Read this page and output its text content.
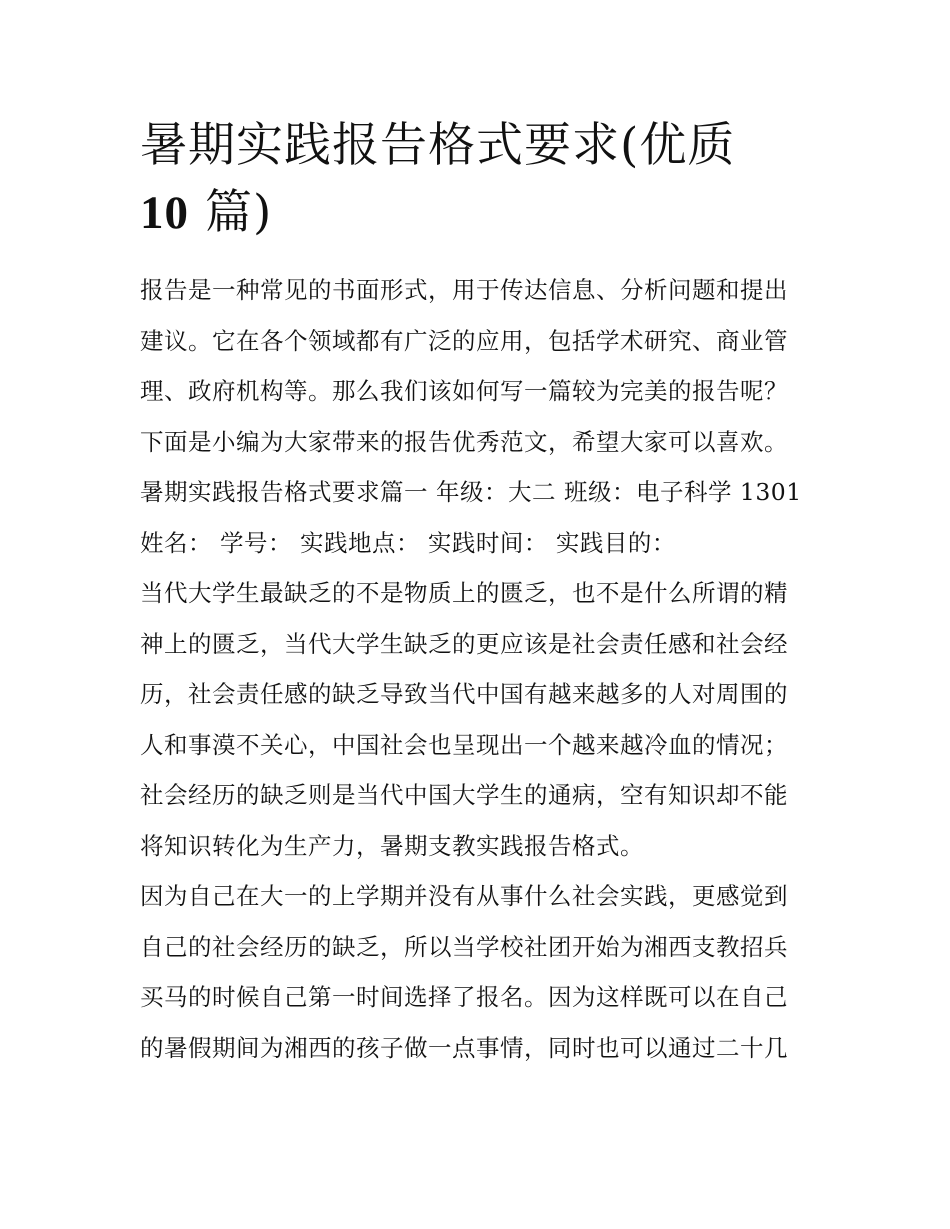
暑期实践报告格式要求(优质
10 篇)

报告是一种常见的书面形式，用于传达信息、分析问题和提出
建议。它在各个领域都有广泛的应用，包括学术研究、商业管
理、政府机构等。那么我们该如何写一篇较为完美的报告呢？
下面是小编为大家带来的报告优秀范文，希望大家可以喜欢。

暑期实践报告格式要求篇一 年级：大二 班级：电子科学 1301
姓名： 学号： 实践地点： 实践时间： 实践目的：

当代大学生最缺乏的不是物质上的匮乏，也不是什么所谓的精
神上的匮乏，当代大学生缺乏的更应该是社会责任感和社会经
历，社会责任感的缺乏导致当代中国有越来越多的人对周围的
人和事漠不关心，中国社会也呈现出一个越来越冷血的情况；
社会经历的缺乏则是当代中国大学生的通病，空有知识却不能
将知识转化为生产力，暑期支教实践报告格式。

因为自己在大一的上学期并没有从事什么社会实践，更感觉到
自己的社会经历的缺乏，所以当学校社团开始为湘西支教招兵
买马的时候自己第一时间选择了报名。因为这样既可以在自己
的暑假期间为湘西的孩子做一点事情，同时也可以通过二十几
